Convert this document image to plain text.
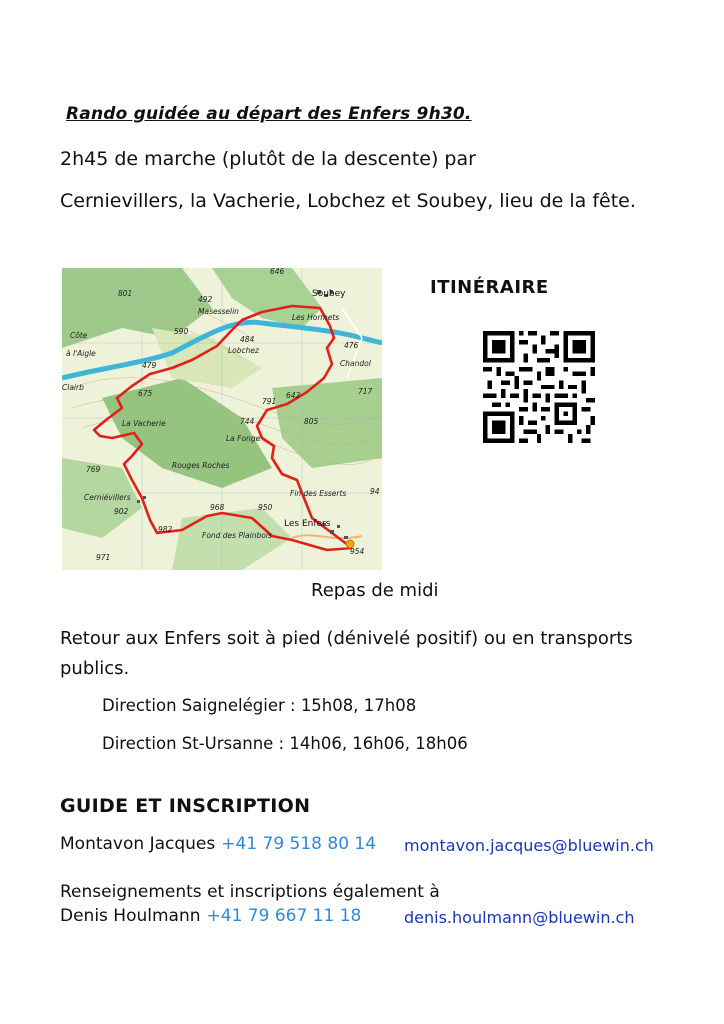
Rando guidée au départ des Enfers 9h30.
2h45 de marche (plutôt de la descente) par
Cernievillers, la Vacherie, Lobchez et Soubey, lieu de la fête.
Soubey
Les Hormets
Chandol
Masesselin
Côte
à l'Aigle
Clairb
Lobchez
La Vacherie
La Fonge
Rouges Roches
Fin des Esserts
Cerniévillers
Les Enfers
Fond des Plainbois
646
801
492
590
484
479
476
675
791
642	717
744	805
769
902	968	950
982
971
954
94
ITINÉRAIRE
Repas de midi
Retour aux Enfers soit à pied (dénivelé positif) ou en transports publics.
Direction Saignelégier : 15h08, 17h08
Direction St-Ursanne : 14h06, 16h06, 18h06
GUIDE ET INSCRIPTION
Montavon Jacques +41 79 518 80 14 montavon.jacques@bluewin.ch
Renseignements et inscriptions également à
Denis Houlmann +41 79 667 11 18	denis.houlmann@bluewin.ch
